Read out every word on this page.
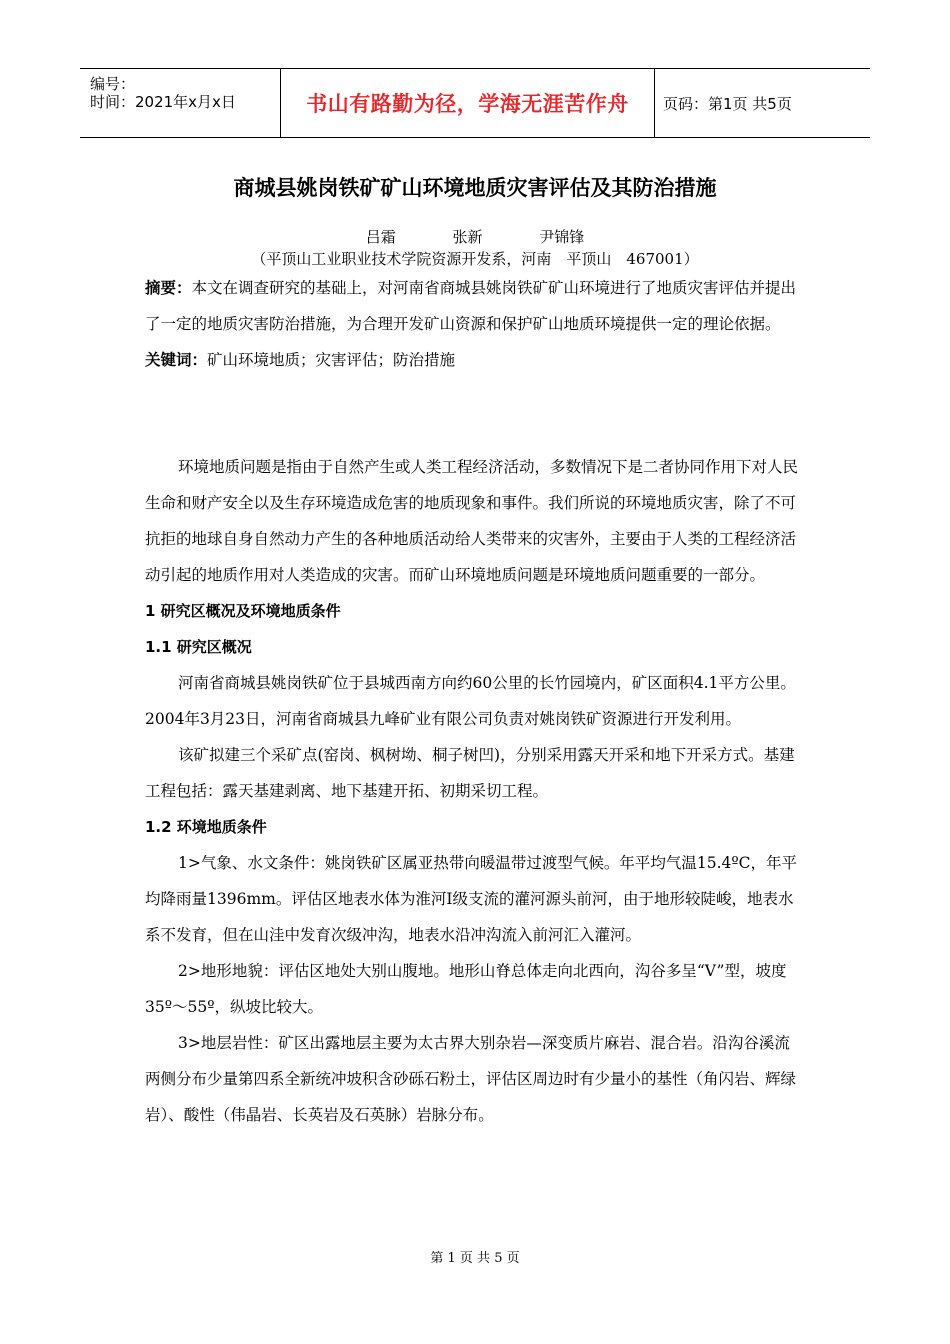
编号：
时间：2021年x月x日	书山有路勤为径，学海无涯苦作舟 页码：第1页 共5页
商城县姚岗铁矿矿山环境地质灾害评估及其防治措施
吕霜	张新	尹锦锋
（平顶山工业职业技术学院资源开发系，河南　平顶山　467001）

摘要：本文在调查研究的基础上，对河南省商城县姚岗铁矿矿山环境进行了地质灾害评估并提出了一定的地质灾害防治措施，为合理开发矿山资源和保护矿山地质环境提供一定的理论依据。

关键词：矿山环境地质；灾害评估；防治措施

环境地质问题是指由于自然产生或人类工程经济活动，多数情况下是二者协同作用下对人民生命和财产安全以及生存环境造成危害的地质现象和事件。我们所说的环境地质灾害，除了不可抗拒的地球自身自然动力产生的各种地质活动给人类带来的灾害外，主要由于人类的工程经济活动引起的地质作用对人类造成的灾害。而矿山环境地质问题是环境地质问题重要的一部分。

1 研究区概况及环境地质条件

1.1 研究区概况

河南省商城县姚岗铁矿位于县城西南方向约60公里的长竹园境内，矿区面积4.1平方公里。2004年3月23日，河南省商城县九峰矿业有限公司负责对姚岗铁矿资源进行开发利用。

该矿拟建三个采矿点(窑岗、枫树坳、桐子树凹)，分别采用露天开采和地下开采方式。基建工程包括：露天基建剥离、地下基建开拓、初期采切工程。

1.2 环境地质条件

1>气象、水文条件：姚岗铁矿区属亚热带向暖温带过渡型气候。年平均气温15.4ºC，年平均降雨量1396mm。评估区地表水体为淮河I级支流的灌河源头前河，由于地形较陡峻，地表水系不发育，但在山洼中发育次级冲沟，地表水沿冲沟流入前河汇入灌河。

2>地形地貌：评估区地处大别山腹地。地形山脊总体走向北西向，沟谷多呈“V”型，坡度35º～55º，纵坡比较大。

3>地层岩性：矿区出露地层主要为太古界大别杂岩—深变质片麻岩、混合岩。沿沟谷溪流两侧分布少量第四系全新统冲坡积含砂砾石粉土，评估区周边时有少量小的基性（角闪岩、辉绿岩）、酸性（伟晶岩、长英岩及石英脉）岩脉分布。

第 1 页 共 5 页
